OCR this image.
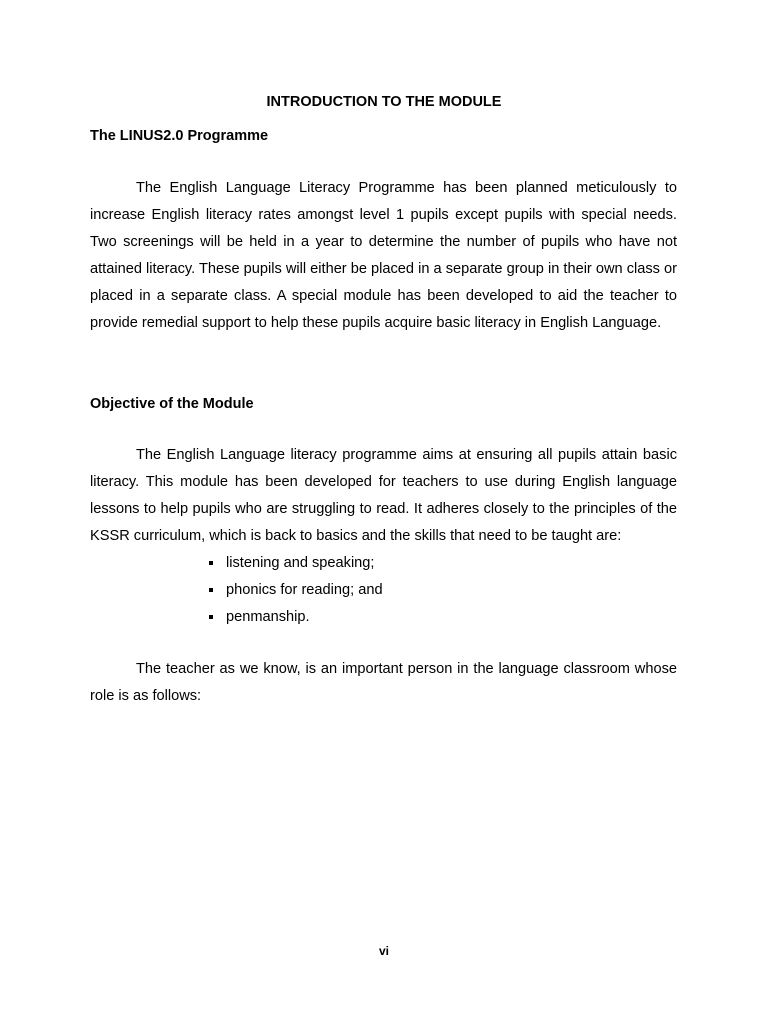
INTRODUCTION TO THE MODULE
The LINUS2.0 Programme

The English Language Literacy Programme has been planned meticulously to increase English literacy rates amongst level 1 pupils except pupils with special needs. Two screenings will be held in a year to determine the number of pupils who have not attained literacy. These pupils will either be placed in a separate group in their own class or placed in a separate class. A special module has been developed to aid the teacher to provide remedial support to help these pupils acquire basic literacy in English Language.

Objective of the Module

The English Language literacy programme aims at ensuring all pupils attain basic literacy. This module has been developed for teachers to use during English language lessons to help pupils who are struggling to read. It adheres closely to the principles of the KSSR curriculum, which is back to basics and the skills that need to be taught are:

listening and speaking;
phonics for reading; and
penmanship.

The teacher as we know, is an important person in the language classroom whose role is as follows:

vi
